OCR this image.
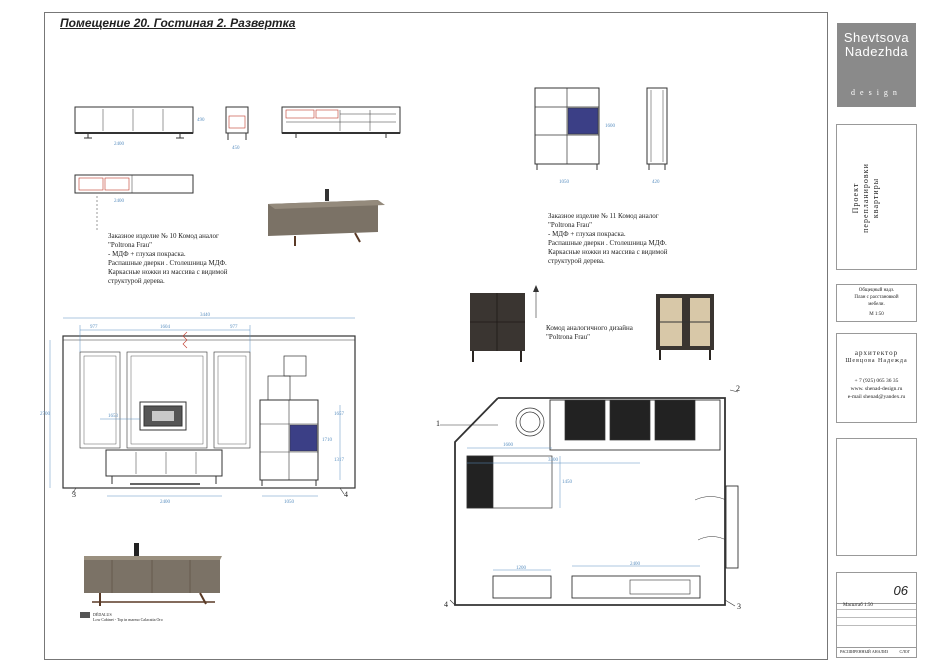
Помещение 20. Гостиная 2. Развертка
2400
2400
490
450
1050
1600
420
3440
2700
977	1604	977
1653	1657
1710
1317
2400	1050
1600
3300
1200
2400
1450
1
2
3
4
3	4
Заказное изделие № 10 Комод аналог
"Poltrona Frau"
- МДФ + глухая покраска.
Распашные дверки . Столешница МДФ.
Каркасные ножки из массива с видимой
структурой дерева.
Заказное изделие № 11 Комод аналог
"Poltrona Frau"
- МДФ + глухая покраска.
Распашные дверки . Столешница МДФ.
Каркасные ножки из массива с видимой
структурой дерева.
Комод аналогичного дизайна
"Poltrona Frau"
DÉDALUS
Low Cabinet - Top in marmo Calacatta Oro
Shevtsova
Nadezhda
design
Проект перепланировки квартиры
Общецный надз.
План с расстановкой
мебели.
М 1:50
архитектор
Шевцова Надежда
+ 7 (925) 065 36 35
www. shenad-design.ru
e-mail shenad@yandex.ru
06
Масштаб 1:50
РАСШИРЕННЫЙ АНАЛИЗ	СЛОГ
